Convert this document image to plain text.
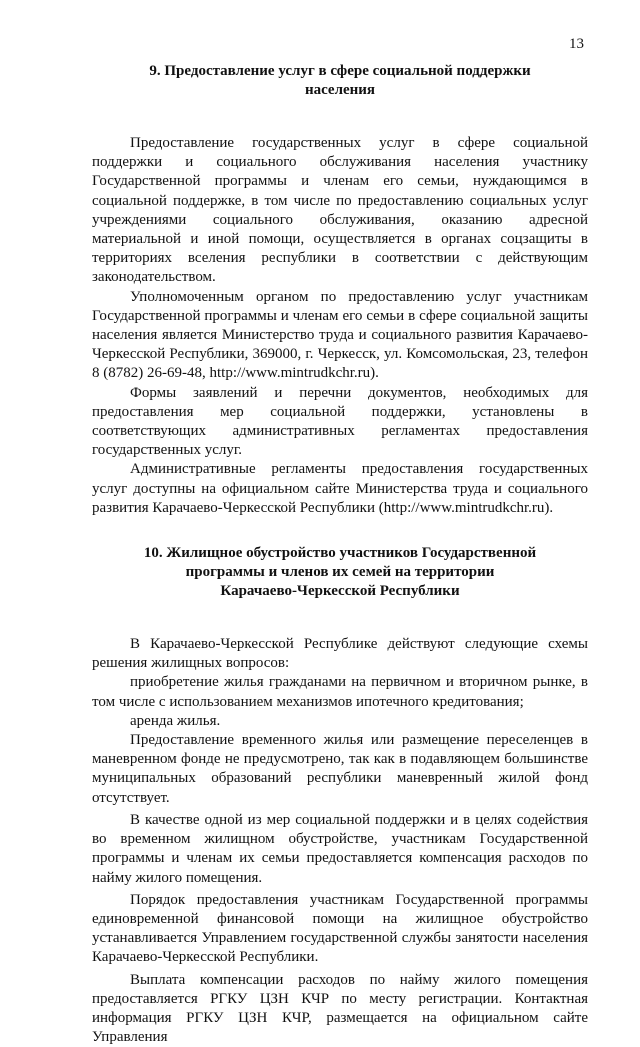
13
9. Предоставление услуг в сфере социальной поддержки
населения

Предоставление государственных услуг в сфере социальной поддержки и социального обслуживания населения участнику Государственной программы и членам его семьи, нуждающимся в социальной поддержке, в том числе по предоставлению социальных услуг учреждениями социального обслуживания, оказанию адресной материальной и иной помощи, осуществляется в органах соцзащиты в территориях вселения республики в соответствии с действующим законодательством.

Уполномоченным органом по предоставлению услуг участникам Государственной программы и членам его семьи в сфере социальной защиты населения является Министерство труда и социального развития Карачаево-Черкесской Республики, 369000, г. Черкесск, ул. Комсомольская, 23, телефон 8 (8782) 26-69-48, http://www.mintrudkchr.ru).

Формы заявлений и перечни документов, необходимых для предоставления мер социальной поддержки, установлены в соответствующих административных регламентах предоставления государственных услуг.

Административные регламенты предоставления государственных услуг доступны на официальном сайте Министерства труда и социального развития Карачаево-Черкесской Республики (http://www.mintrudkchr.ru).

10. Жилищное обустройство участников Государственной
программы и членов их семей на территории
Карачаево-Черкесской Республики

В Карачаево-Черкесской Республике действуют следующие схемы решения жилищных вопросов:

приобретение жилья гражданами на первичном и вторичном рынке, в том числе с использованием механизмов ипотечного кредитования;

аренда жилья.

Предоставление временного жилья или размещение переселенцев в маневренном фонде не предусмотрено, так как в подавляющем большинстве муниципальных образований республики маневренный жилой фонд отсутствует.

В качестве одной из мер социальной поддержки и в целях содействия во временном жилищном обустройстве, участникам Государственной программы и членам их семьи предоставляется компенсация расходов по найму жилого помещения.

Порядок предоставления участникам Государственной программы единовременной финансовой помощи на жилищное обустройство устанавливается Управлением государственной службы занятости населения Карачаево-Черкесской Республики.

Выплата компенсации расходов по найму жилого помещения предоставляется РГКУ ЦЗН КЧР по месту регистрации. Контактная информация РГКУ ЦЗН КЧР, размещается на официальном сайте Управления
